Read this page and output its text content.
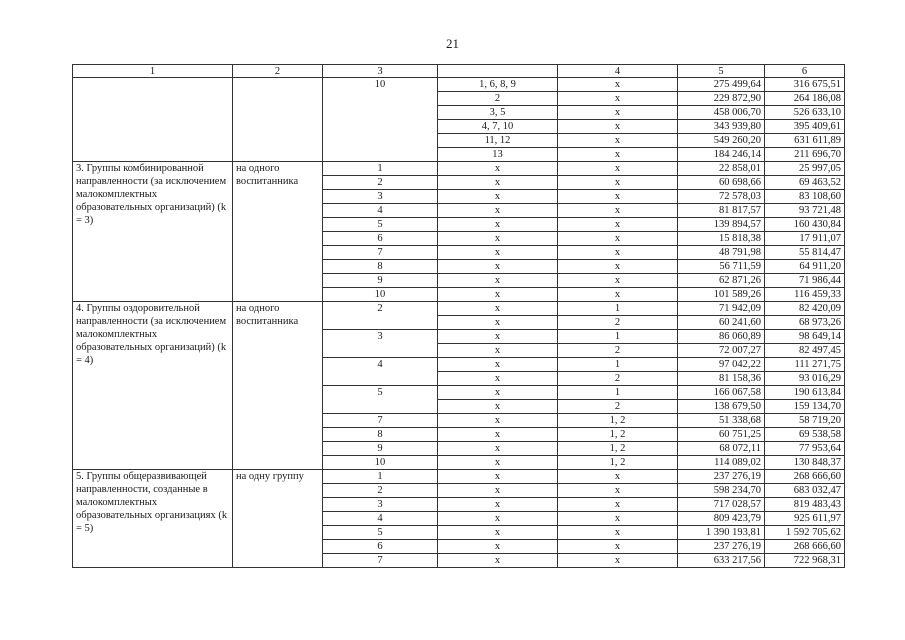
21
1	2	3		4	5	6
		10	1, 6, 8, 9	x	275 499,64	316 675,51
			2	x	229 872,90	264 186,08
			3, 5	x	458 006,70	526 633,10
			4, 7, 10	x	343 939,80	395 409,61
			11, 12	x	549 260,20	631 611,89
			13	x	184 246,14	211 696,70
3. Группы комбинированной направленности (за исключением малокомплектных образовательных организаций) (k = 3)	на одного воспитанника	1	x	x	22 858,01	25 997,05
		2	x	x	60 698,66	69 463,52
		3	x	x	72 578,03	83 108,60
		4	x	x	81 817,57	93 721,48
		5	x	x	139 894,57	160 430,84
		6	x	x	15 818,38	17 911,07
		7	x	x	48 791,98	55 814,47
		8	x	x	56 711,59	64 911,20
		9	x	x	62 871,26	71 986,44
		10	x	x	101 589,26	116 459,33
4. Группы оздоровительной направленности (за исключением малокомплектных образовательных организаций) (k = 4)	на одного воспитанника	2	x	1	71 942,09	82 420,09
			x	2	60 241,60	68 973,26
		3	x	1	86 060,89	98 649,14
			x	2	72 007,27	82 497,45
		4	x	1	97 042,22	111 271,75
			x	2	81 158,36	93 016,29
		5	x	1	166 067,58	190 613,84
			x	2	138 679,50	159 134,70
		7	x	1, 2	51 338,68	58 719,20
		8	x	1, 2	60 751,25	69 538,58
		9	x	1, 2	68 072,11	77 953,64
		10	x	1, 2	114 089,02	130 848,37
5. Группы общеразвивающей направленности, созданные в малокомплектных образовательных организациях (k = 5)	на одну группу	1	x	x	237 276,19	268 666,60
		2	x	x	598 234,70	683 032,47
		3	x	x	717 028,57	819 483,43
		4	x	x	809 423,79	925 611,97
		5	x	x	1 390 193,81	1 592 705,62
		6	x	x	237 276,19	268 666,60
		7	x	x	633 217,56	722 968,31
